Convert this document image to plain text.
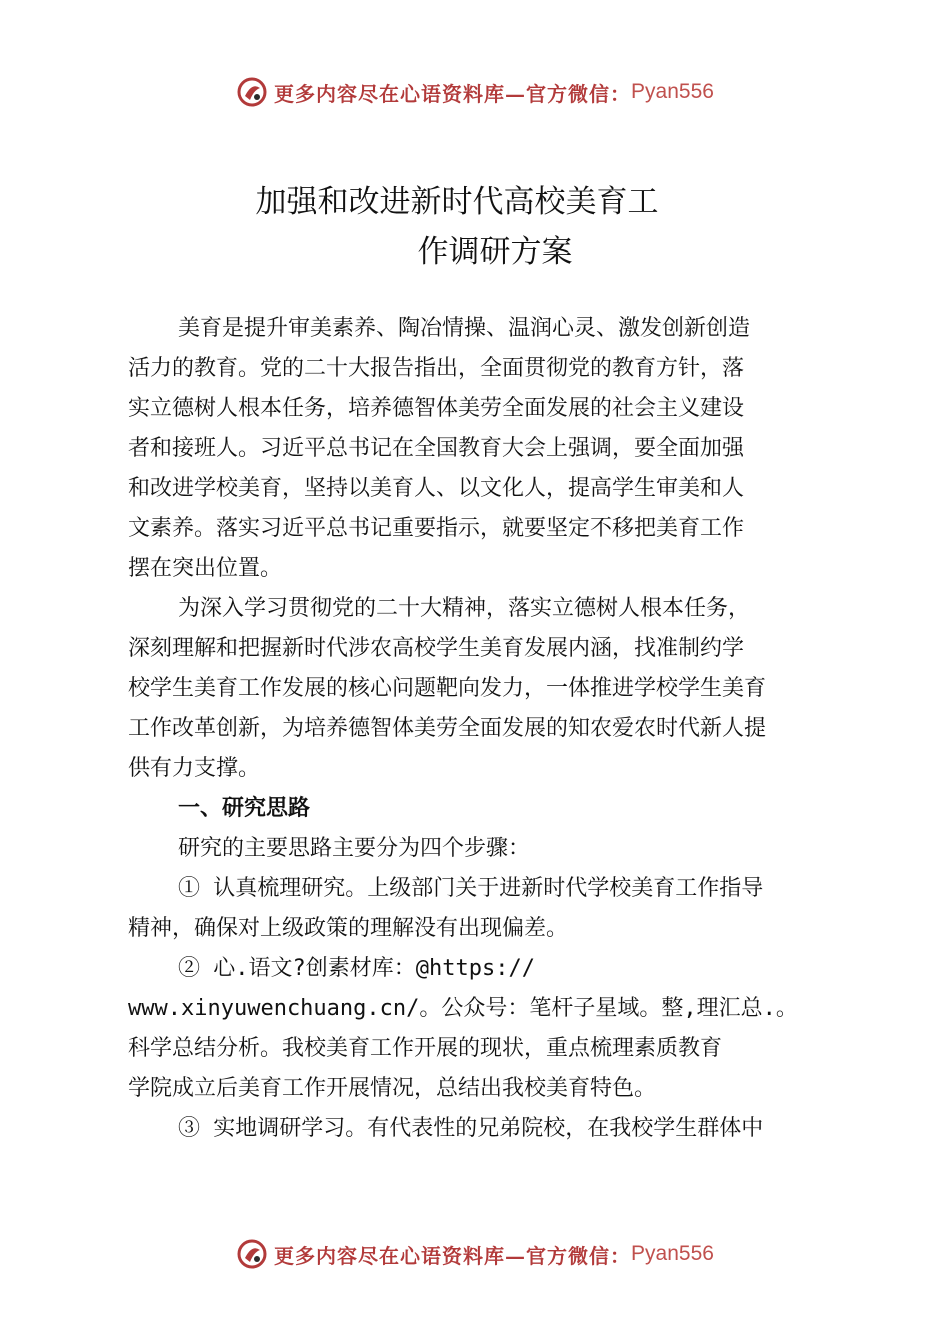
更多内容尽在心语资料库—官方微信： Pyan556
加强和改进新时代高校美育工
作调研方案
美育是提升审美素养、陶冶情操、温润心灵、激发创新创造
活力的教育。党的二十大报告指出，全面贯彻党的教育方针，落
实立德树人根本任务，培养德智体美劳全面发展的社会主义建设
者和接班人。习近平总书记在全国教育大会上强调，要全面加强
和改进学校美育，坚持以美育人、以文化人，提高学生审美和人
文素养。落实习近平总书记重要指示，就要坚定不移把美育工作
摆在突出位置。
为深入学习贯彻党的二十大精神，落实立德树人根本任务，
深刻理解和把握新时代涉农高校学生美育发展内涵，找准制约学
校学生美育工作发展的核心问题靶向发力，一体推进学校学生美育
工作改革创新，为培养德智体美劳全面发展的知农爱农时代新人提
供有力支撑。
一、研究思路
研究的主要思路主要分为四个步骤：
① 认真梳理研究。上级部门关于进新时代学校美育工作指导
精神，确保对上级政策的理解没有出现偏差。
② 心.语文?创素材库：@https://
www.xinyuwenchuang.cn/。公众号：笔杆子星域。整,理汇总.。
科学总结分析。我校美育工作开展的现状，重点梳理素质教育
学院成立后美育工作开展情况，总结出我校美育特色。
③ 实地调研学习。有代表性的兄弟院校，在我校学生群体中
更多内容尽在心语资料库—官方微信： Pyan556
